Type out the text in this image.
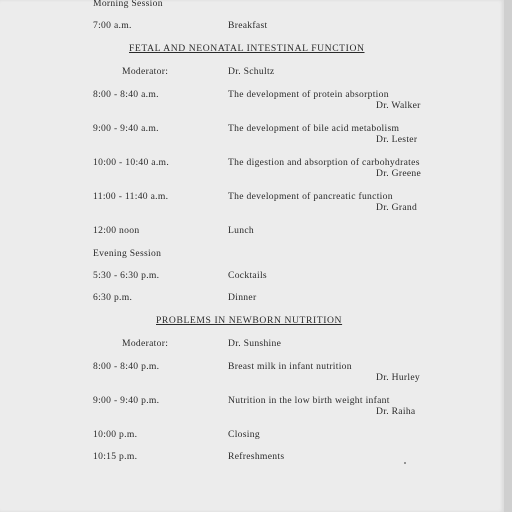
Morning Session
7:00 a.m.	Breakfast
FETAL AND NEONATAL INTESTINAL FUNCTION
Moderator:	Dr. Schultz
8:00 - 8:40 a.m.	The development of protein absorption
Dr. Walker
9:00 - 9:40 a.m.	The development of bile acid metabolism
Dr. Lester
10:00 - 10:40 a.m.	The digestion and absorption of carbohydrates
Dr. Greene
11:00 - 11:40 a.m.	The development of pancreatic function
Dr. Grand
12:00 noon	Lunch
Evening Session
5:30 - 6:30 p.m.	Cocktails
6:30 p.m.	Dinner
PROBLEMS IN NEWBORN NUTRITION
Moderator:	Dr. Sunshine
8:00 - 8:40 p.m.	Breast milk in infant nutrition
Dr. Hurley
9:00 - 9:40 p.m.	Nutrition in the low birth weight infant
Dr. Raiha
10:00 p.m.	Closing
10:15 p.m.	Refreshments
